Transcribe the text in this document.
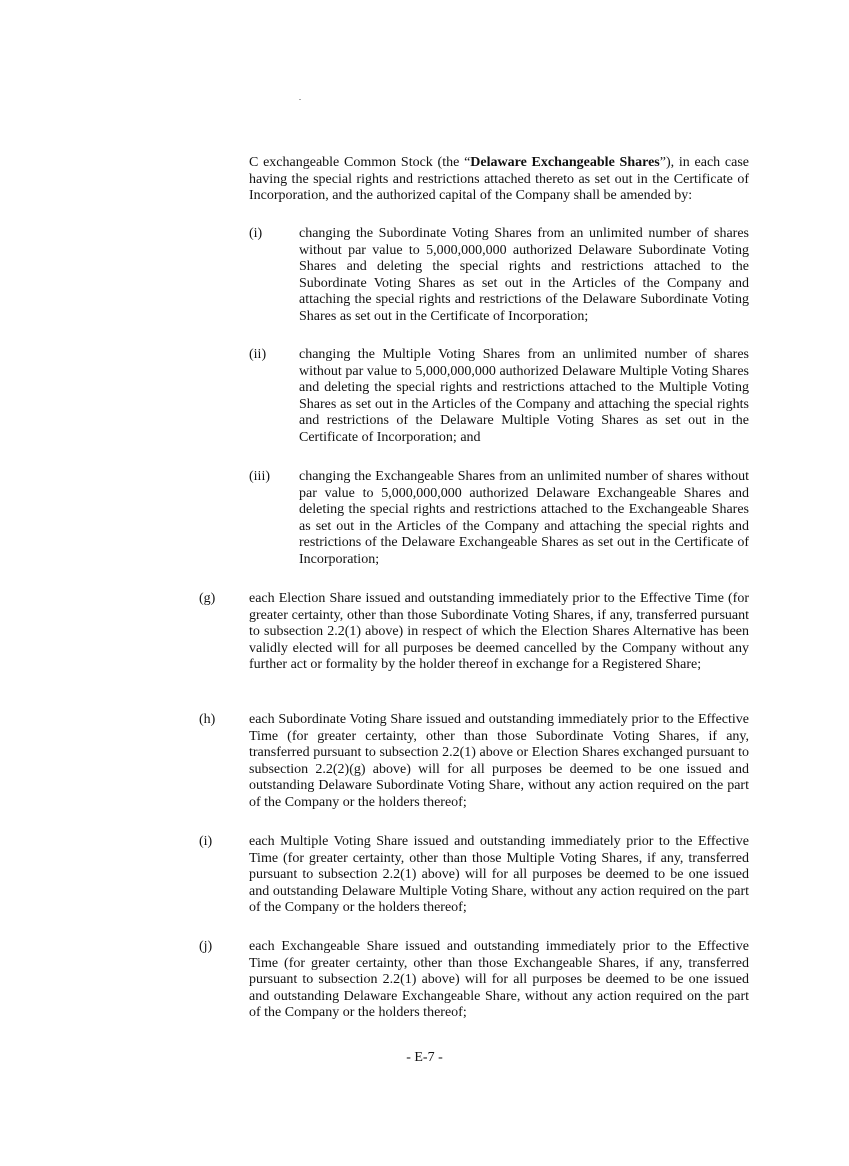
.

C exchangeable Common Stock (the “Delaware Exchangeable Shares”), in each case having the special rights and restrictions attached thereto as set out in the Certificate of Incorporation, and the authorized capital of the Company shall be amended by:

(i)	changing the Subordinate Voting Shares from an unlimited number of shares without par value to 5,000,000,000 authorized Delaware Subordinate Voting Shares and deleting the special rights and restrictions attached to the Subordinate Voting Shares as set out in the Articles of the Company and attaching the special rights and restrictions of the Delaware Subordinate Voting Shares as set out in the Certificate of Incorporation;
(ii) changing the Multiple Voting Shares from an unlimited number of shares without par value to 5,000,000,000 authorized Delaware Multiple Voting Shares and deleting the special rights and restrictions attached to the Multiple Voting Shares as set out in the Articles of the Company and attaching the special rights and restrictions of the Delaware Multiple Voting Shares as set out in the Certificate of Incorporation; and
(iii) changing the Exchangeable Shares from an unlimited number of shares without par value to 5,000,000,000 authorized Delaware Exchangeable Shares and deleting the special rights and restrictions attached to the Exchangeable Shares as set out in the Articles of the Company and attaching the special rights and restrictions of the Delaware Exchangeable Shares as set out in the Certificate of Incorporation;
(g) each Election Share issued and outstanding immediately prior to the Effective Time (for greater certainty, other than those Subordinate Voting Shares, if any, transferred pursuant to subsection 2.2(1) above) in respect of which the Election Shares Alternative has been validly elected will for all purposes be deemed cancelled by the Company without any further act or formality by the holder thereof in exchange for a Registered Share;
(h) each Subordinate Voting Share issued and outstanding immediately prior to the Effective Time (for greater certainty, other than those Subordinate Voting Shares, if any, transferred pursuant to subsection 2.2(1) above or Election Shares exchanged pursuant to subsection 2.2(2)(g) above) will for all purposes be deemed to be one issued and outstanding Delaware Subordinate Voting Share, without any action required on the part of the Company or the holders thereof;
(i)	each Multiple Voting Share issued and outstanding immediately prior to the Effective Time (for greater certainty, other than those Multiple Voting Shares, if any, transferred pursuant to subsection 2.2(1) above) will for all purposes be deemed to be one issued and outstanding Delaware Multiple Voting Share, without any action required on the part of the Company or the holders thereof;
(j)	each Exchangeable Share issued and outstanding immediately prior to the Effective Time (for greater certainty, other than those Exchangeable Shares, if any, transferred pursuant to subsection 2.2(1) above) will for all purposes be deemed to be one issued and outstanding Delaware Exchangeable Share, without any action required on the part of the Company or the holders thereof;
- E-7 -
